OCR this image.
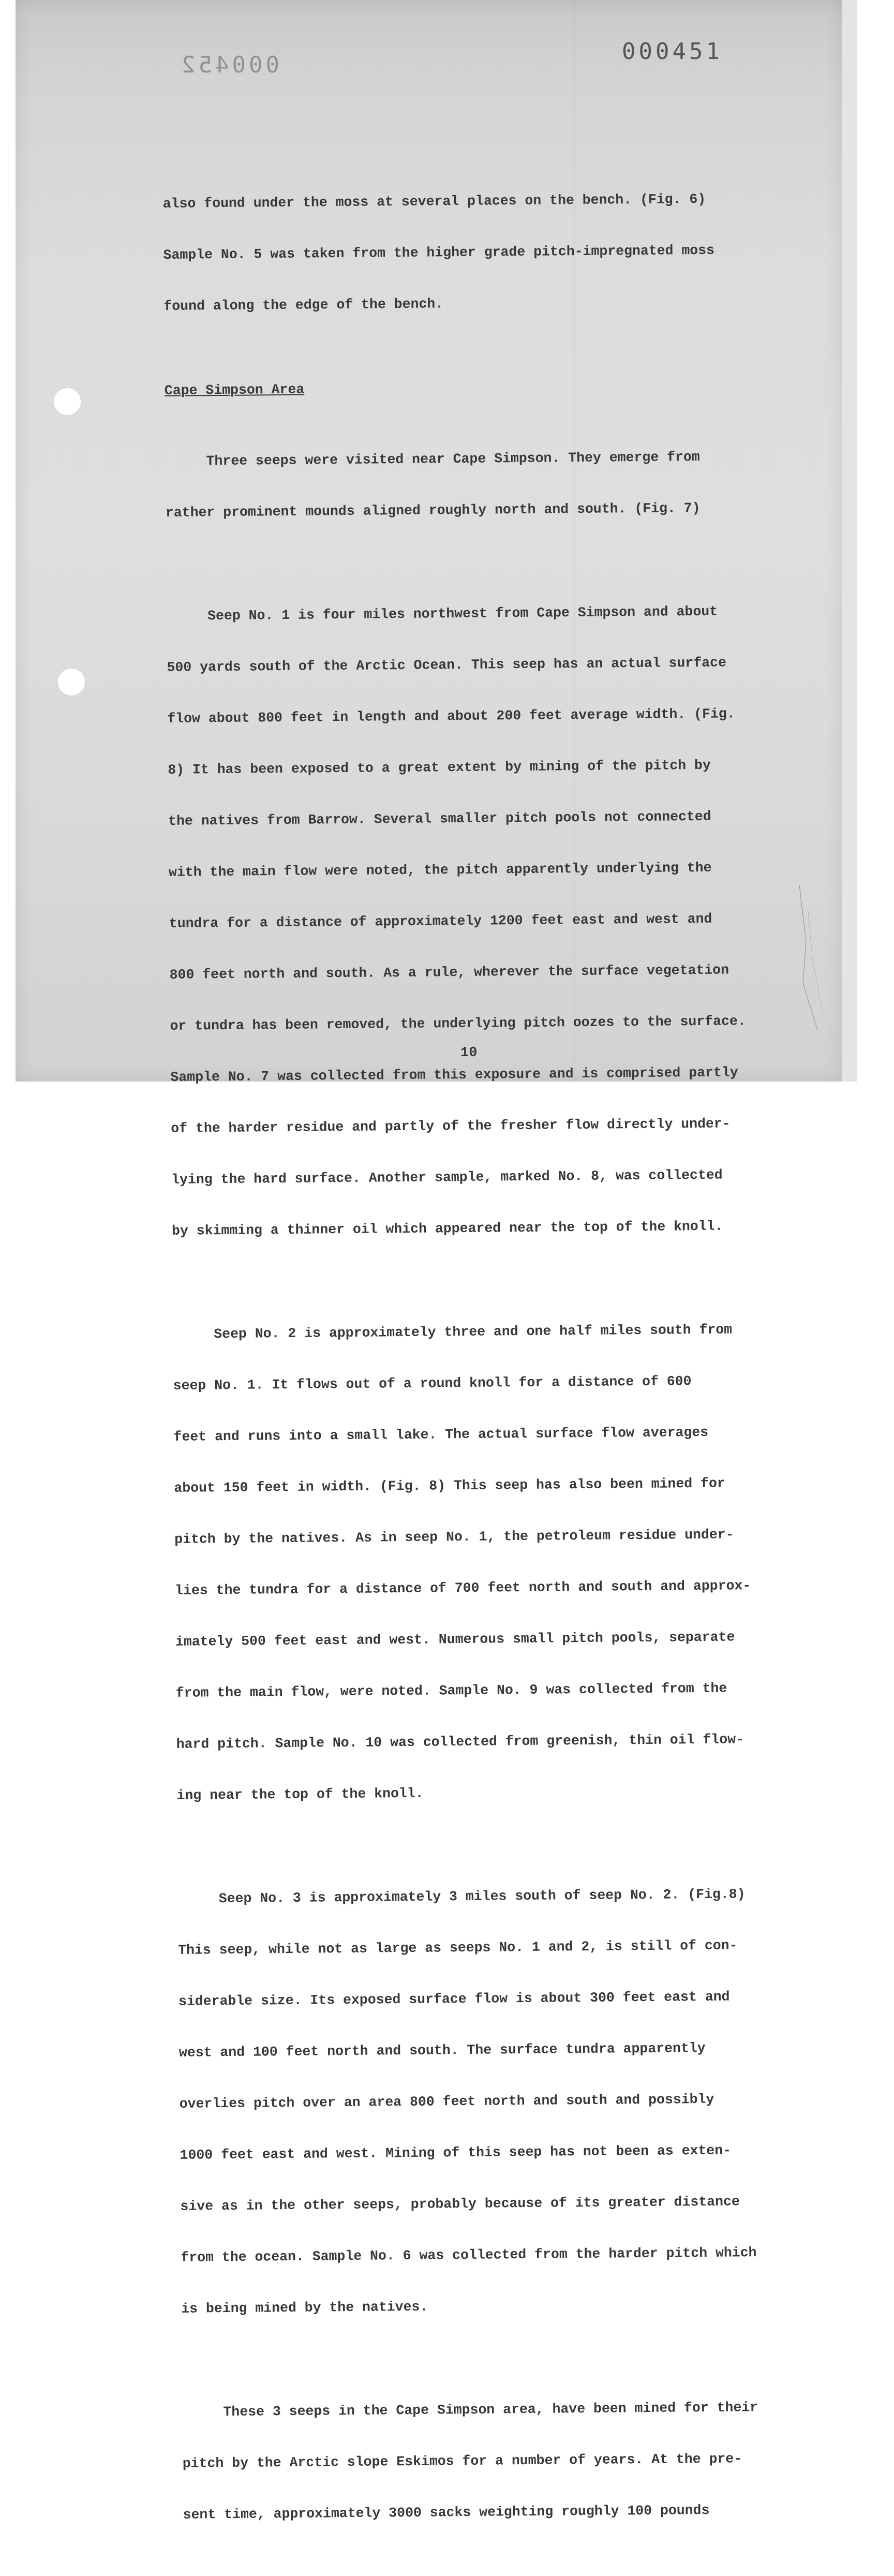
000452
000451

also found under the moss at several places on the bench. (Fig. 6)

Sample No. 5 was taken from the higher grade pitch-impregnated moss

found along the edge of the bench.

Cape Simpson Area

Three seeps were visited near Cape Simpson. They emerge from

rather prominent mounds aligned roughly north and south. (Fig. 7)

Seep No. 1 is four miles northwest from Cape Simpson and about

500 yards south of the Arctic Ocean. This seep has an actual surface

flow about 800 feet in length and about 200 feet average width. (Fig.

8) It has been exposed to a great extent by mining of the pitch by

the natives from Barrow. Several smaller pitch pools not connected

with the main flow were noted, the pitch apparently underlying the

tundra for a distance of approximately 1200 feet east and west and

800 feet north and south. As a rule, wherever the surface vegetation

or tundra has been removed, the underlying pitch oozes to the surface.

Sample No. 7 was collected from this exposure and is comprised partly

of the harder residue and partly of the fresher flow directly under-

lying the hard surface. Another sample, marked No. 8, was collected

by skimming a thinner oil which appeared near the top of the knoll.

Seep No. 2 is approximately three and one half miles south from

seep No. 1. It flows out of a round knoll for a distance of 600

feet and runs into a small lake. The actual surface flow averages

about 150 feet in width. (Fig. 8) This seep has also been mined for

pitch by the natives. As in seep No. 1, the petroleum residue under-

lies the tundra for a distance of 700 feet north and south and approx-

imately 500 feet east and west. Numerous small pitch pools, separate

from the main flow, were noted. Sample No. 9 was collected from the

hard pitch. Sample No. 10 was collected from greenish, thin oil flow-

ing near the top of the knoll.

Seep No. 3 is approximately 3 miles south of seep No. 2. (Fig.8)

This seep, while not as large as seeps No. 1 and 2, is still of con-

siderable size. Its exposed surface flow is about 300 feet east and

west and 100 feet north and south. The surface tundra apparently

overlies pitch over an area 800 feet north and south and possibly

1000 feet east and west. Mining of this seep has not been as exten-

sive as in the other seeps, probably because of its greater distance

from the ocean. Sample No. 6 was collected from the harder pitch which

is being mined by the natives.

These 3 seeps in the Cape Simpson area, have been mined for their

pitch by the Arctic slope Eskimos for a number of years. At the pre-

sent time, approximately 3000 sacks weighting roughly 100 pounds

10
